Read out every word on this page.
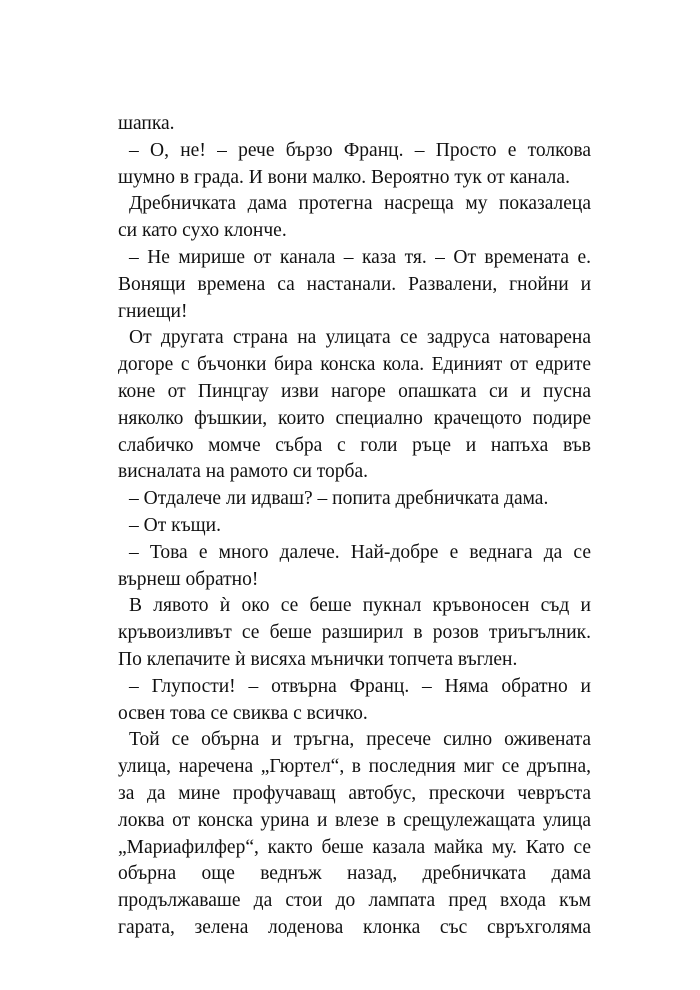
шапка.
– О, не! – рече бързо Франц. – Просто е толкова
шумно в града. И вони малко. Вероятно тук от канала.
Дребничката дама протегна насреща му показалеца
си като сухо клонче.
– Не мирише от канала – каза тя. – От времената е.
Вонящи времена са настанали. Развалени, гнойни и
гниещи!
От другата страна на улицата се задруса натоварена
догоре с бъчонки бира конска кола. Единият от едрите
коне от Пинцгау изви нагоре опашката си и пусна
няколко фъшкии, които специално крачещото подире
слабичко момче събра с голи ръце и напъха във
висналата на рамото си торба.
– Отдалече ли идваш? – попита дребничката дама.
– От къщи.
– Това е много далече. Най-добре е веднага да се
върнеш обратно!
В лявото ѝ око се беше пукнал кръвоносен съд и
кръвоизливът се беше разширил в розов триъгълник.
По клепачите ѝ висяха мънички топчета въглен.
– Глупости! – отвърна Франц. – Няма обратно и
освен това се свиква с всичко.
Той се обърна и тръгна, пресече силно оживената
улица, наречена „Гюртел“, в последния миг се дръпна,
за да мине профучаващ автобус, прескочи чевръста
локва от конска урина и влезе в срещулежащата улица
„Мариафилфер“, както беше казала майка му. Като се
обърна още веднъж назад, дребничката дама
продължаваше да стои до лампата пред входа към
гарата, зелена лоденова клонка със свръхголяма
